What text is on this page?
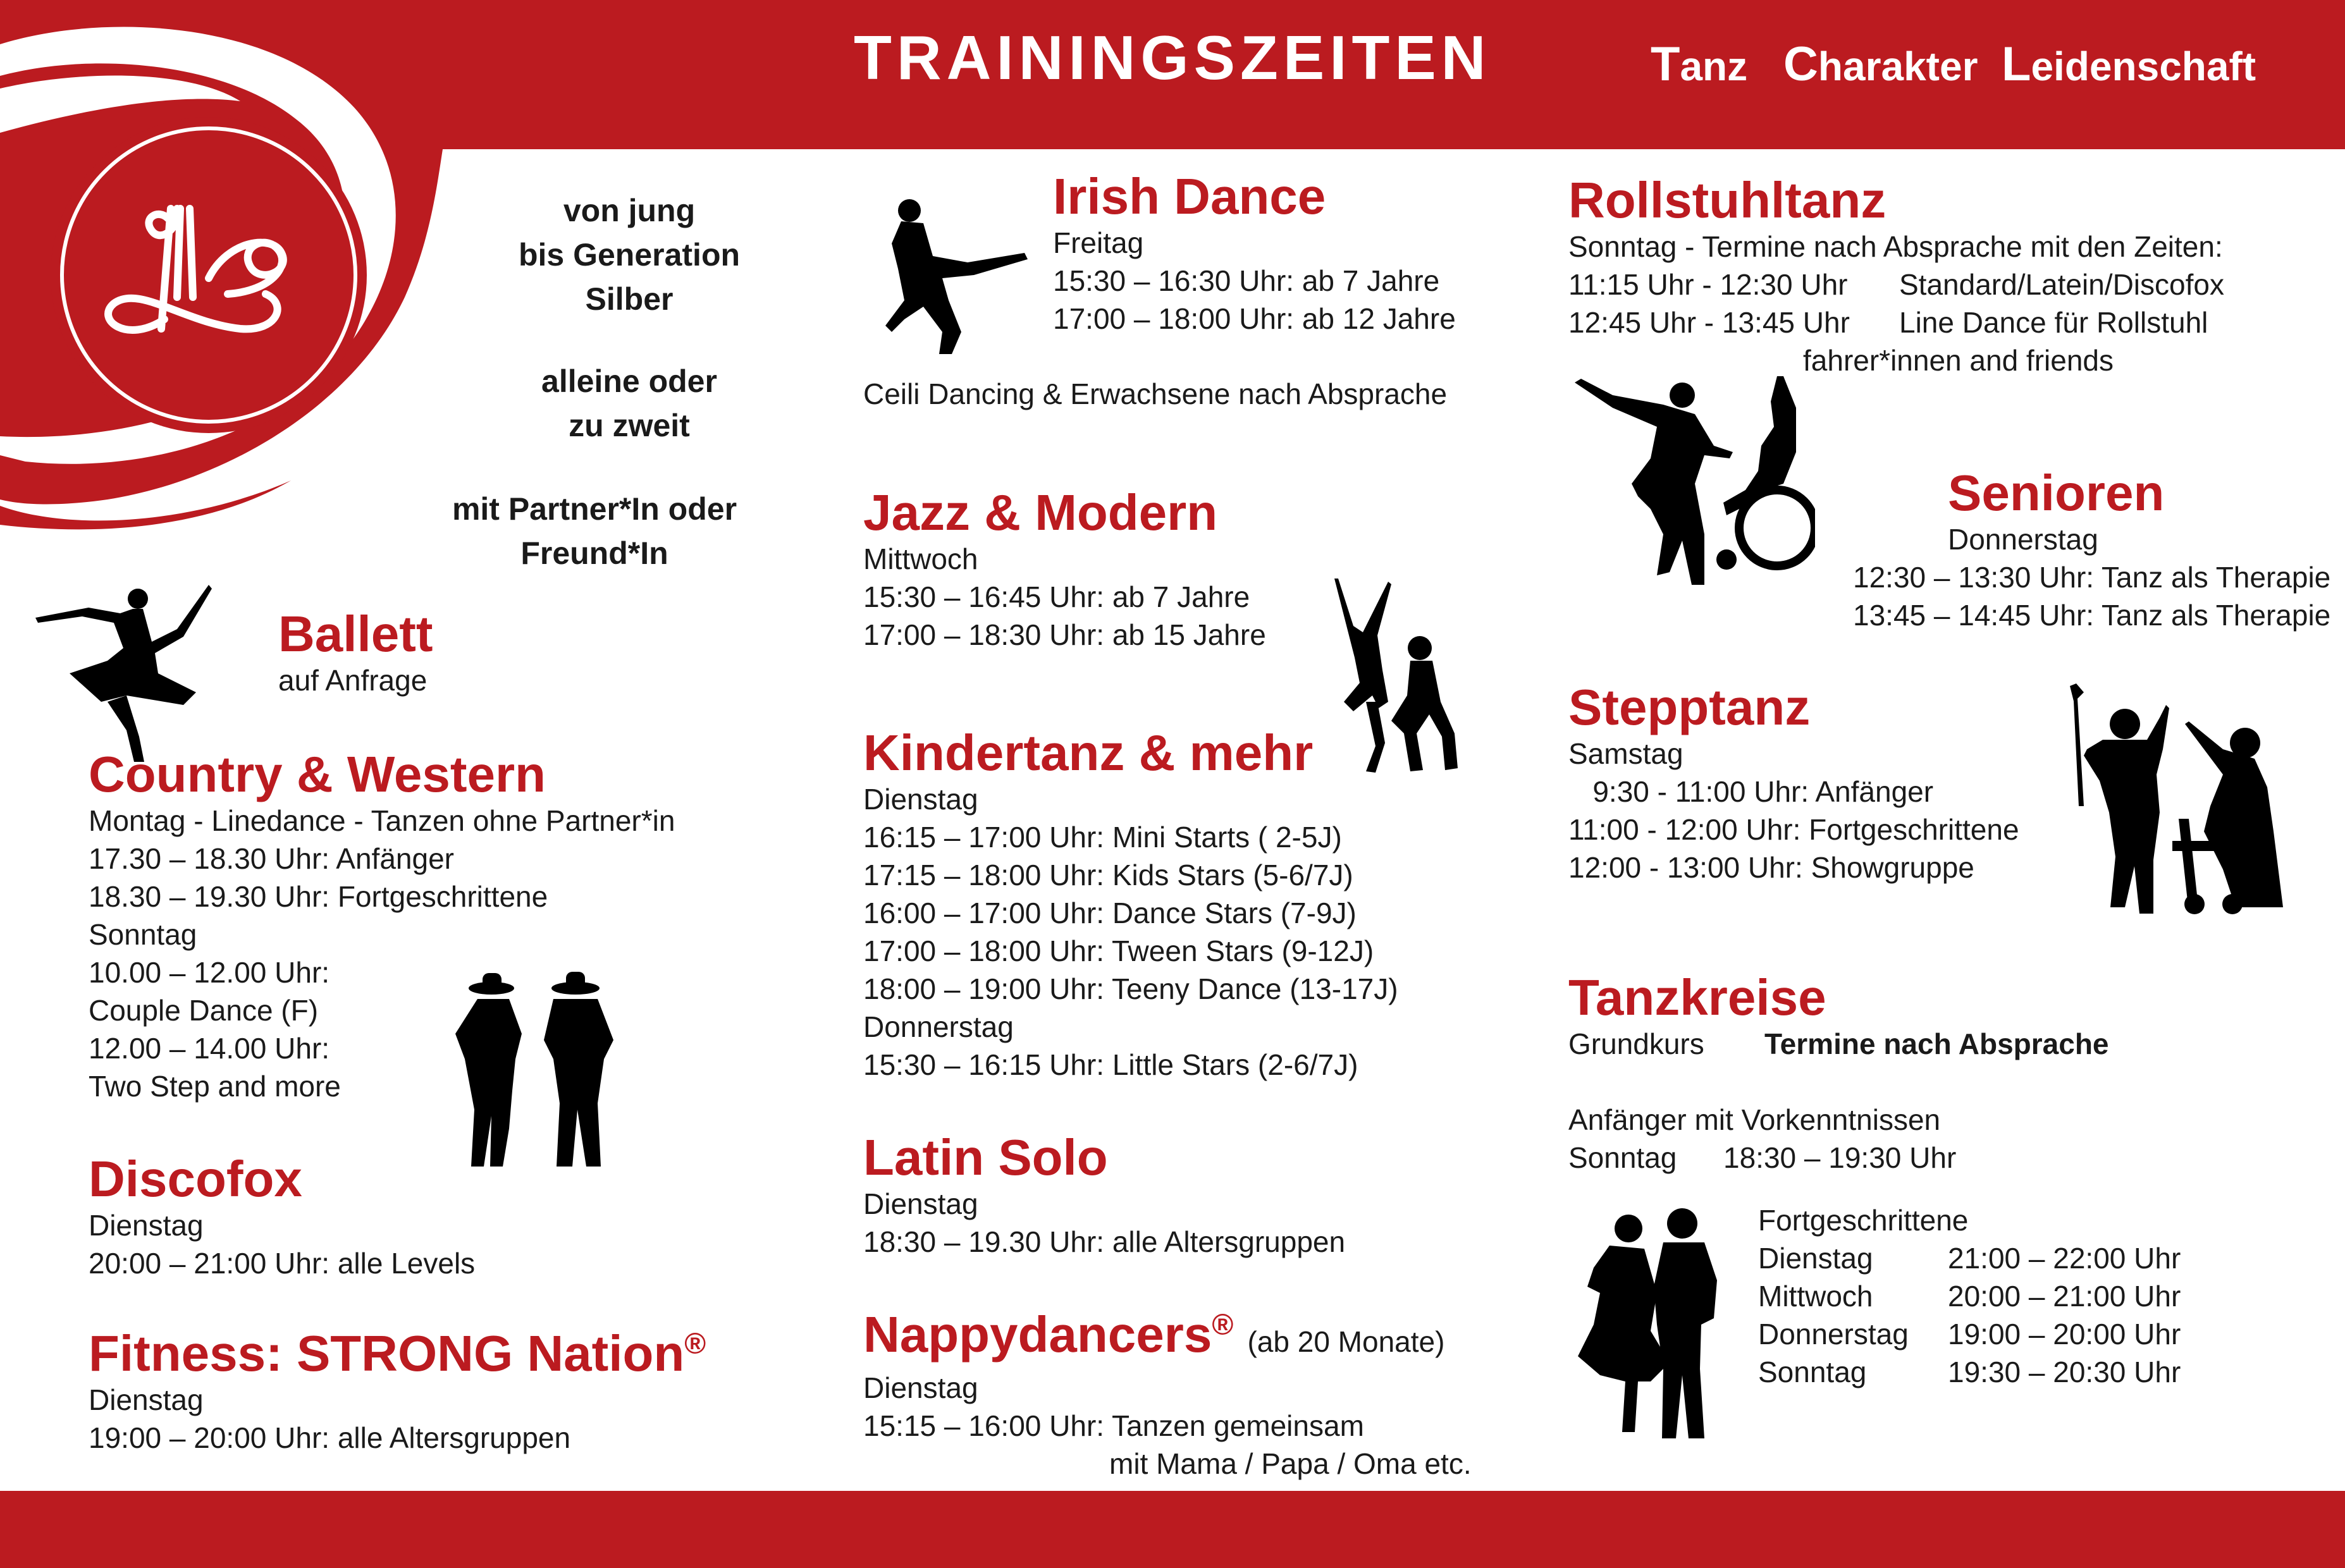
TRAININGSZEITEN	Tanz Charakter Leidenschaft
von jung
bis Generation
Silber
alleine oder
zu zweit
mit Partner*In oder
Freund*In
Ballett
auf Anfrage
Country & Western
Montag - Linedance - Tanzen ohne Partner*in
17.30 – 18.30 Uhr: Anfänger
18.30 – 19.30 Uhr: Fortgeschrittene
Sonntag
10.00 – 12.00 Uhr:
Couple Dance (F)
12.00 – 14.00 Uhr:
Two Step and more
Discofox
Dienstag
20:00 – 21:00 Uhr: alle Levels
Fitness: STRONG Nation®
Dienstag
19:00 – 20:00 Uhr: alle Altersgruppen
Irish Dance
Freitag
15:30 – 16:30 Uhr: ab 7 Jahre
17:00 – 18:00 Uhr: ab 12 Jahre
Ceili Dancing & Erwachsene nach Absprache
Jazz & Modern
Mittwoch
15:30 – 16:45 Uhr: ab 7 Jahre
17:00 – 18:30 Uhr: ab 15 Jahre
Kindertanz & mehr
Dienstag
16:15 – 17:00 Uhr: Mini Starts ( 2-5J)
17:15 – 18:00 Uhr: Kids Stars (5-6/7J)
16:00 – 17:00 Uhr: Dance Stars (7-9J)
17:00 – 18:00 Uhr: Tween Stars (9-12J)
18:00 – 19:00 Uhr: Teeny Dance (13-17J)
Donnerstag
15:30 – 16:15 Uhr: Little Stars (2-6/7J)
Latin Solo
Dienstag
18:30 – 19.30 Uhr: alle Altersgruppen
Nappydancers® (ab 20 Monate)
Dienstag
15:15 – 16:00 Uhr: Tanzen gemeinsam
mit Mama / Papa / Oma etc.
Rollstuhltanz
Sonntag - Termine nach Absprache mit den Zeiten:
11:15 Uhr - 12:30 Uhr Standard/Latein/Discofox
12:45 Uhr - 13:45 Uhr Line Dance für Rollstuhl
fahrer*innen and friends
Senioren
Donnerstag
12:30 – 13:30 Uhr: Tanz als Therapie
13:45 – 14:45 Uhr: Tanz als Therapie
Stepptanz
Samstag
9:30 - 11:00 Uhr: Anfänger
11:00 - 12:00 Uhr: Fortgeschrittene
12:00 - 13:00 Uhr: Showgruppe
Tanzkreise
Grundkurs Termine nach Absprache
Anfänger mit Vorkenntnissen
Sonntag 18:30 – 19:30 Uhr
Fortgeschrittene
Dienstag	21:00 – 22:00 Uhr
Mittwoch	20:00 – 21:00 Uhr
Donnerstag 19:00 – 20:00 Uhr
Sonntag	19:30 – 20:30 Uhr
